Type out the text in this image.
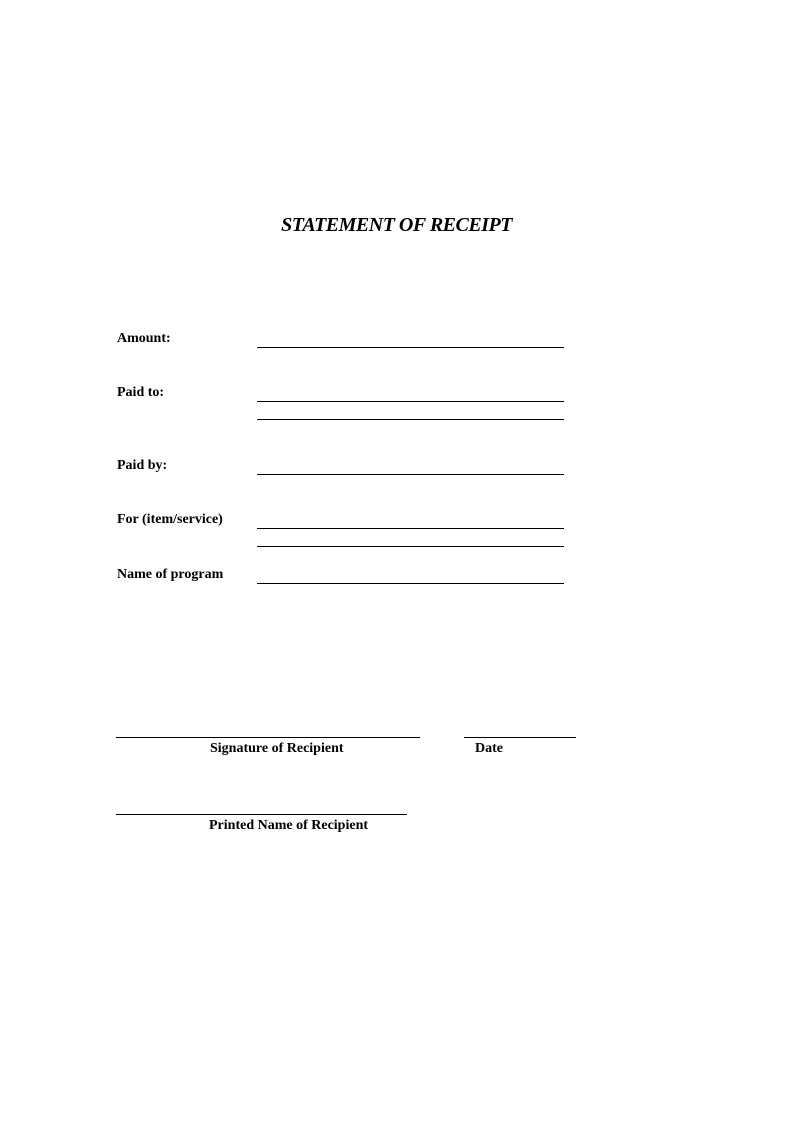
STATEMENT OF RECEIPT
Amount:
Paid to:
Paid by:
For (item/service)
Name of program
Signature of Recipient	Date
Printed Name of Recipient
